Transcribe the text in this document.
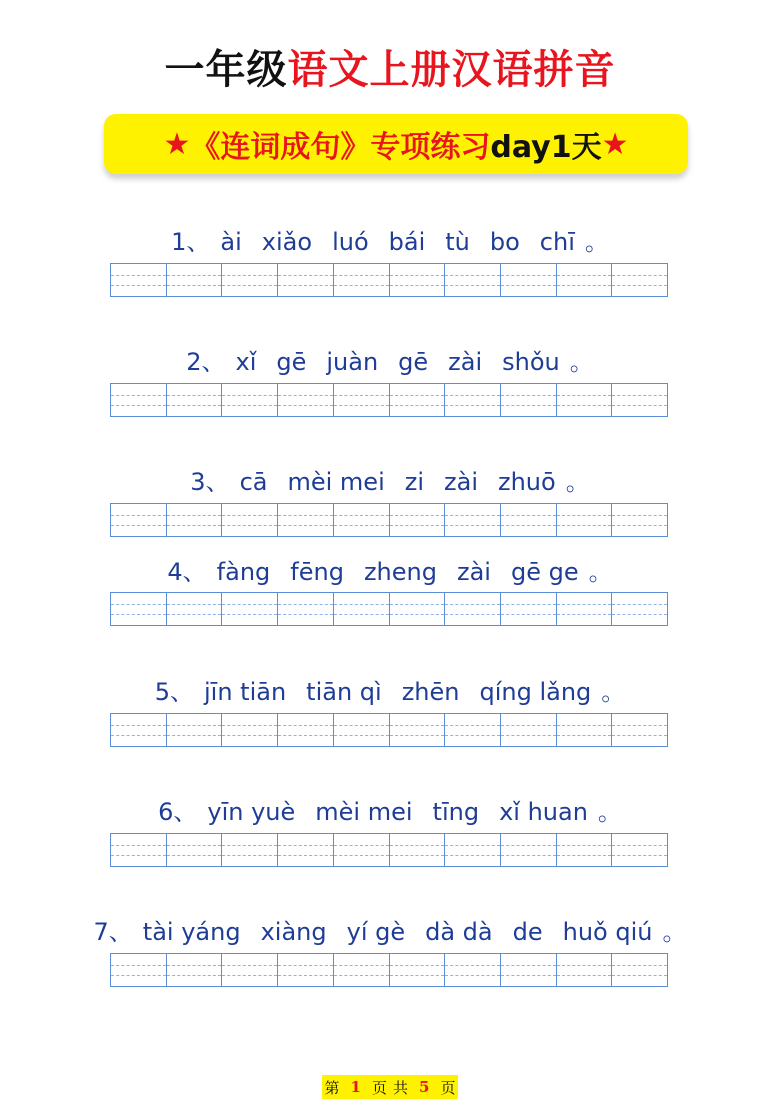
一年级语文上册汉语拼音
★ 《连词成句》专项练习 day1天 ★
1、 ài xiǎo luó bái tù bo chī 。
2、 xǐ gē juàn gē zài shǒu 。
3、 cā mèi mei zi zài zhuō 。
4、 fàng fēng zheng zài gē ge 。
5、 jīn tiān tiān qì zhēn qíng lǎng 。
6、 yīn yuè mèi mei tīng xǐ huan 。
7、 tài yáng xiàng yí gè dà dà de huǒ qiú 。
第 1 页 共 5 页
